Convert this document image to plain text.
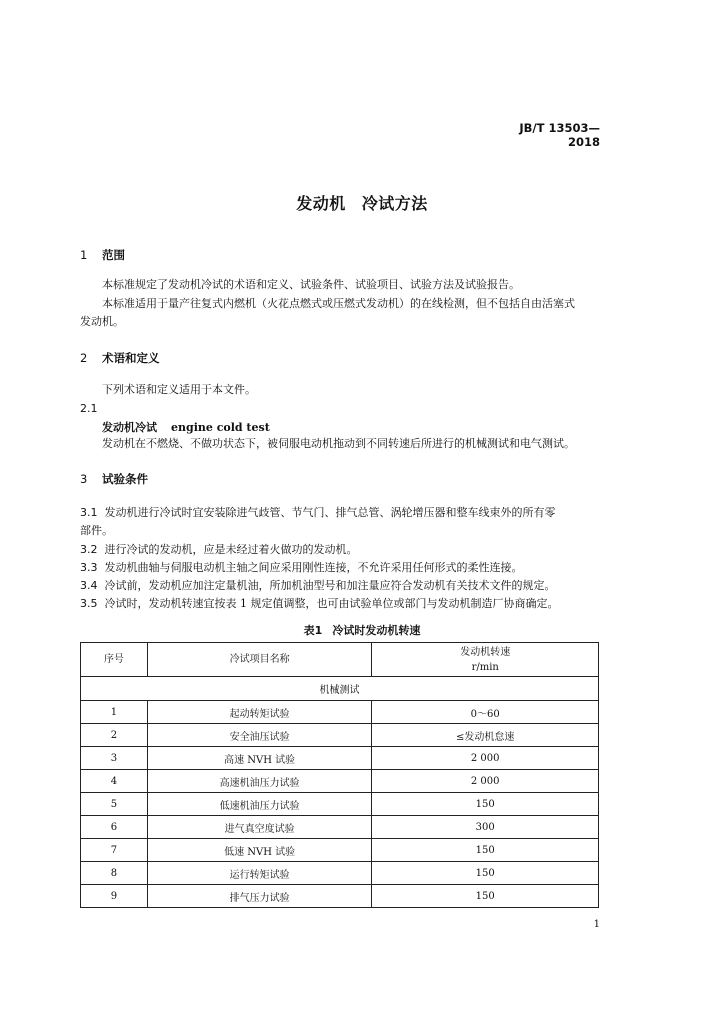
JB/T 13503—2018
发动机 冷试方法
1 范围
本标准规定了发动机冷试的术语和定义、试验条件、试验项目、试验方法及试验报告。
本标准适用于量产往复式内燃机（火花点燃式或压燃式发动机）的在线检测，但不包括自由活塞式
发动机。
2 术语和定义
下列术语和定义适用于本文件。
2.1
发动机冷试 engine cold test
发动机在不燃烧、不做功状态下，被伺服电动机拖动到不同转速后所进行的机械测试和电气测试。
3 试验条件
3.1 发动机进行冷试时宜安装除进气歧管、节气门、排气总管、涡轮增压器和整车线束外的所有零
部件。
3.2 进行冷试的发动机，应是未经过着火做功的发动机。
3.3 发动机曲轴与伺服电动机主轴之间应采用刚性连接，不允许采用任何形式的柔性连接。
3.4 冷试前，发动机应加注定量机油，所加机油型号和加注量应符合发动机有关技术文件的规定。
3.5 冷试时，发动机转速宜按表 1 规定值调整，也可由试验单位或部门与发动机制造厂协商确定。
表1 冷试时发动机转速
序号	冷试项目名称	发动机转速
r/min

机械测试		
1	起动转矩试验	0～60
2	安全油压试验	≤发动机怠速
3	高速 NVH 试验	2 000
4	高速机油压力试验	2 000
5	低速机油压力试验	150
6	进气真空度试验	300
7	低速 NVH 试验	150
8	运行转矩试验	150
9	排气压力试验	150
1
